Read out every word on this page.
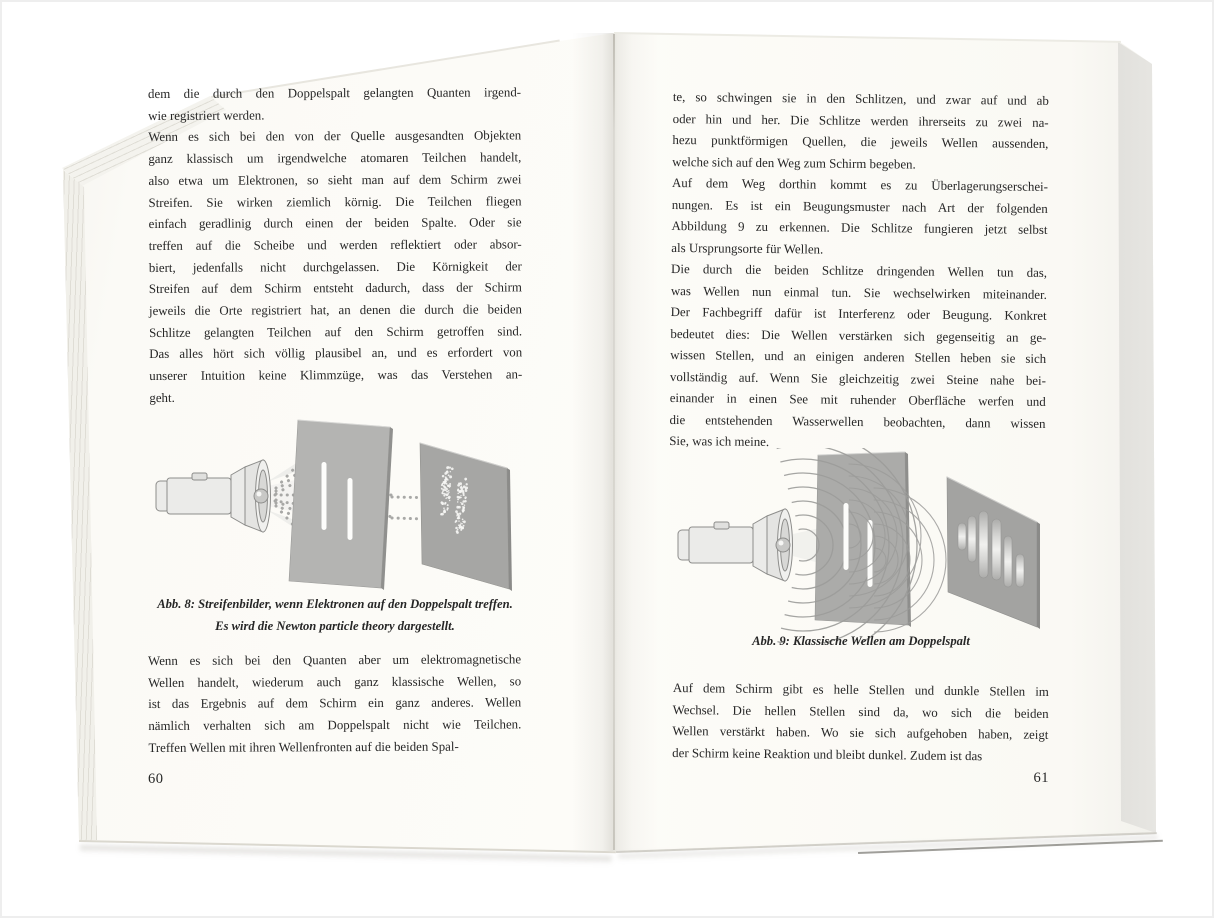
dem die durch den Doppelspalt gelangten Quanten irgend-
wie registriert werden.
Wenn es sich bei den von der Quelle ausgesandten Objekten
ganz klassisch um irgendwelche atomaren Teilchen handelt,
also etwa um Elektronen, so sieht man auf dem Schirm zwei
Streifen. Sie wirken ziemlich körnig. Die Teilchen fliegen
einfach geradlinig durch einen der beiden Spalte. Oder sie
treffen auf die Scheibe und werden reflektiert oder absor-
biert, jedenfalls nicht durchgelassen. Die Körnigkeit der
Streifen auf dem Schirm entsteht dadurch, dass der Schirm
jeweils die Orte registriert hat, an denen die durch die beiden
Schlitze gelangten Teilchen auf den Schirm getroffen sind.
Das alles hört sich völlig plausibel an, und es erfordert von
unserer Intuition keine Klimmzüge, was das Verstehen an-
geht.
Abb. 8: Streifenbilder, wenn Elektronen auf den Doppelspalt treffen.
Es wird die Newton particle theory dargestellt.
Wenn es sich bei den Quanten aber um elektromagnetische
Wellen handelt, wiederum auch ganz klassische Wellen, so
ist das Ergebnis auf dem Schirm ein ganz anderes. Wellen
nämlich verhalten sich am Doppelspalt nicht wie Teilchen.
Treffen Wellen mit ihren Wellenfronten auf die beiden Spal-
60
te, so schwingen sie in den Schlitzen, und zwar auf und ab
oder hin und her. Die Schlitze werden ihrerseits zu zwei na-
hezu punktförmigen Quellen, die jeweils Wellen aussenden,
welche sich auf den Weg zum Schirm begeben.
Auf dem Weg dorthin kommt es zu Überlagerungserschei-
nungen. Es ist ein Beugungsmuster nach Art der folgenden
Abbildung 9 zu erkennen. Die Schlitze fungieren jetzt selbst
als Ursprungsorte für Wellen.
Die durch die beiden Schlitze dringenden Wellen tun das,
was Wellen nun einmal tun. Sie wechselwirken miteinander.
Der Fachbegriff dafür ist Interferenz oder Beugung. Konkret
bedeutet dies: Die Wellen verstärken sich gegenseitig an ge-
wissen Stellen, und an einigen anderen Stellen heben sie sich
vollständig auf. Wenn Sie gleichzeitig zwei Steine nahe bei-
einander in einen See mit ruhender Oberfläche werfen und
die entstehenden Wasserwellen beobachten, dann wissen
Sie, was ich meine.
Abb. 9: Klassische Wellen am Doppelspalt
Auf dem Schirm gibt es helle Stellen und dunkle Stellen im
Wechsel. Die hellen Stellen sind da, wo sich die beiden
Wellen verstärkt haben. Wo sie sich aufgehoben haben, zeigt
der Schirm keine Reaktion und bleibt dunkel. Zudem ist das
61
